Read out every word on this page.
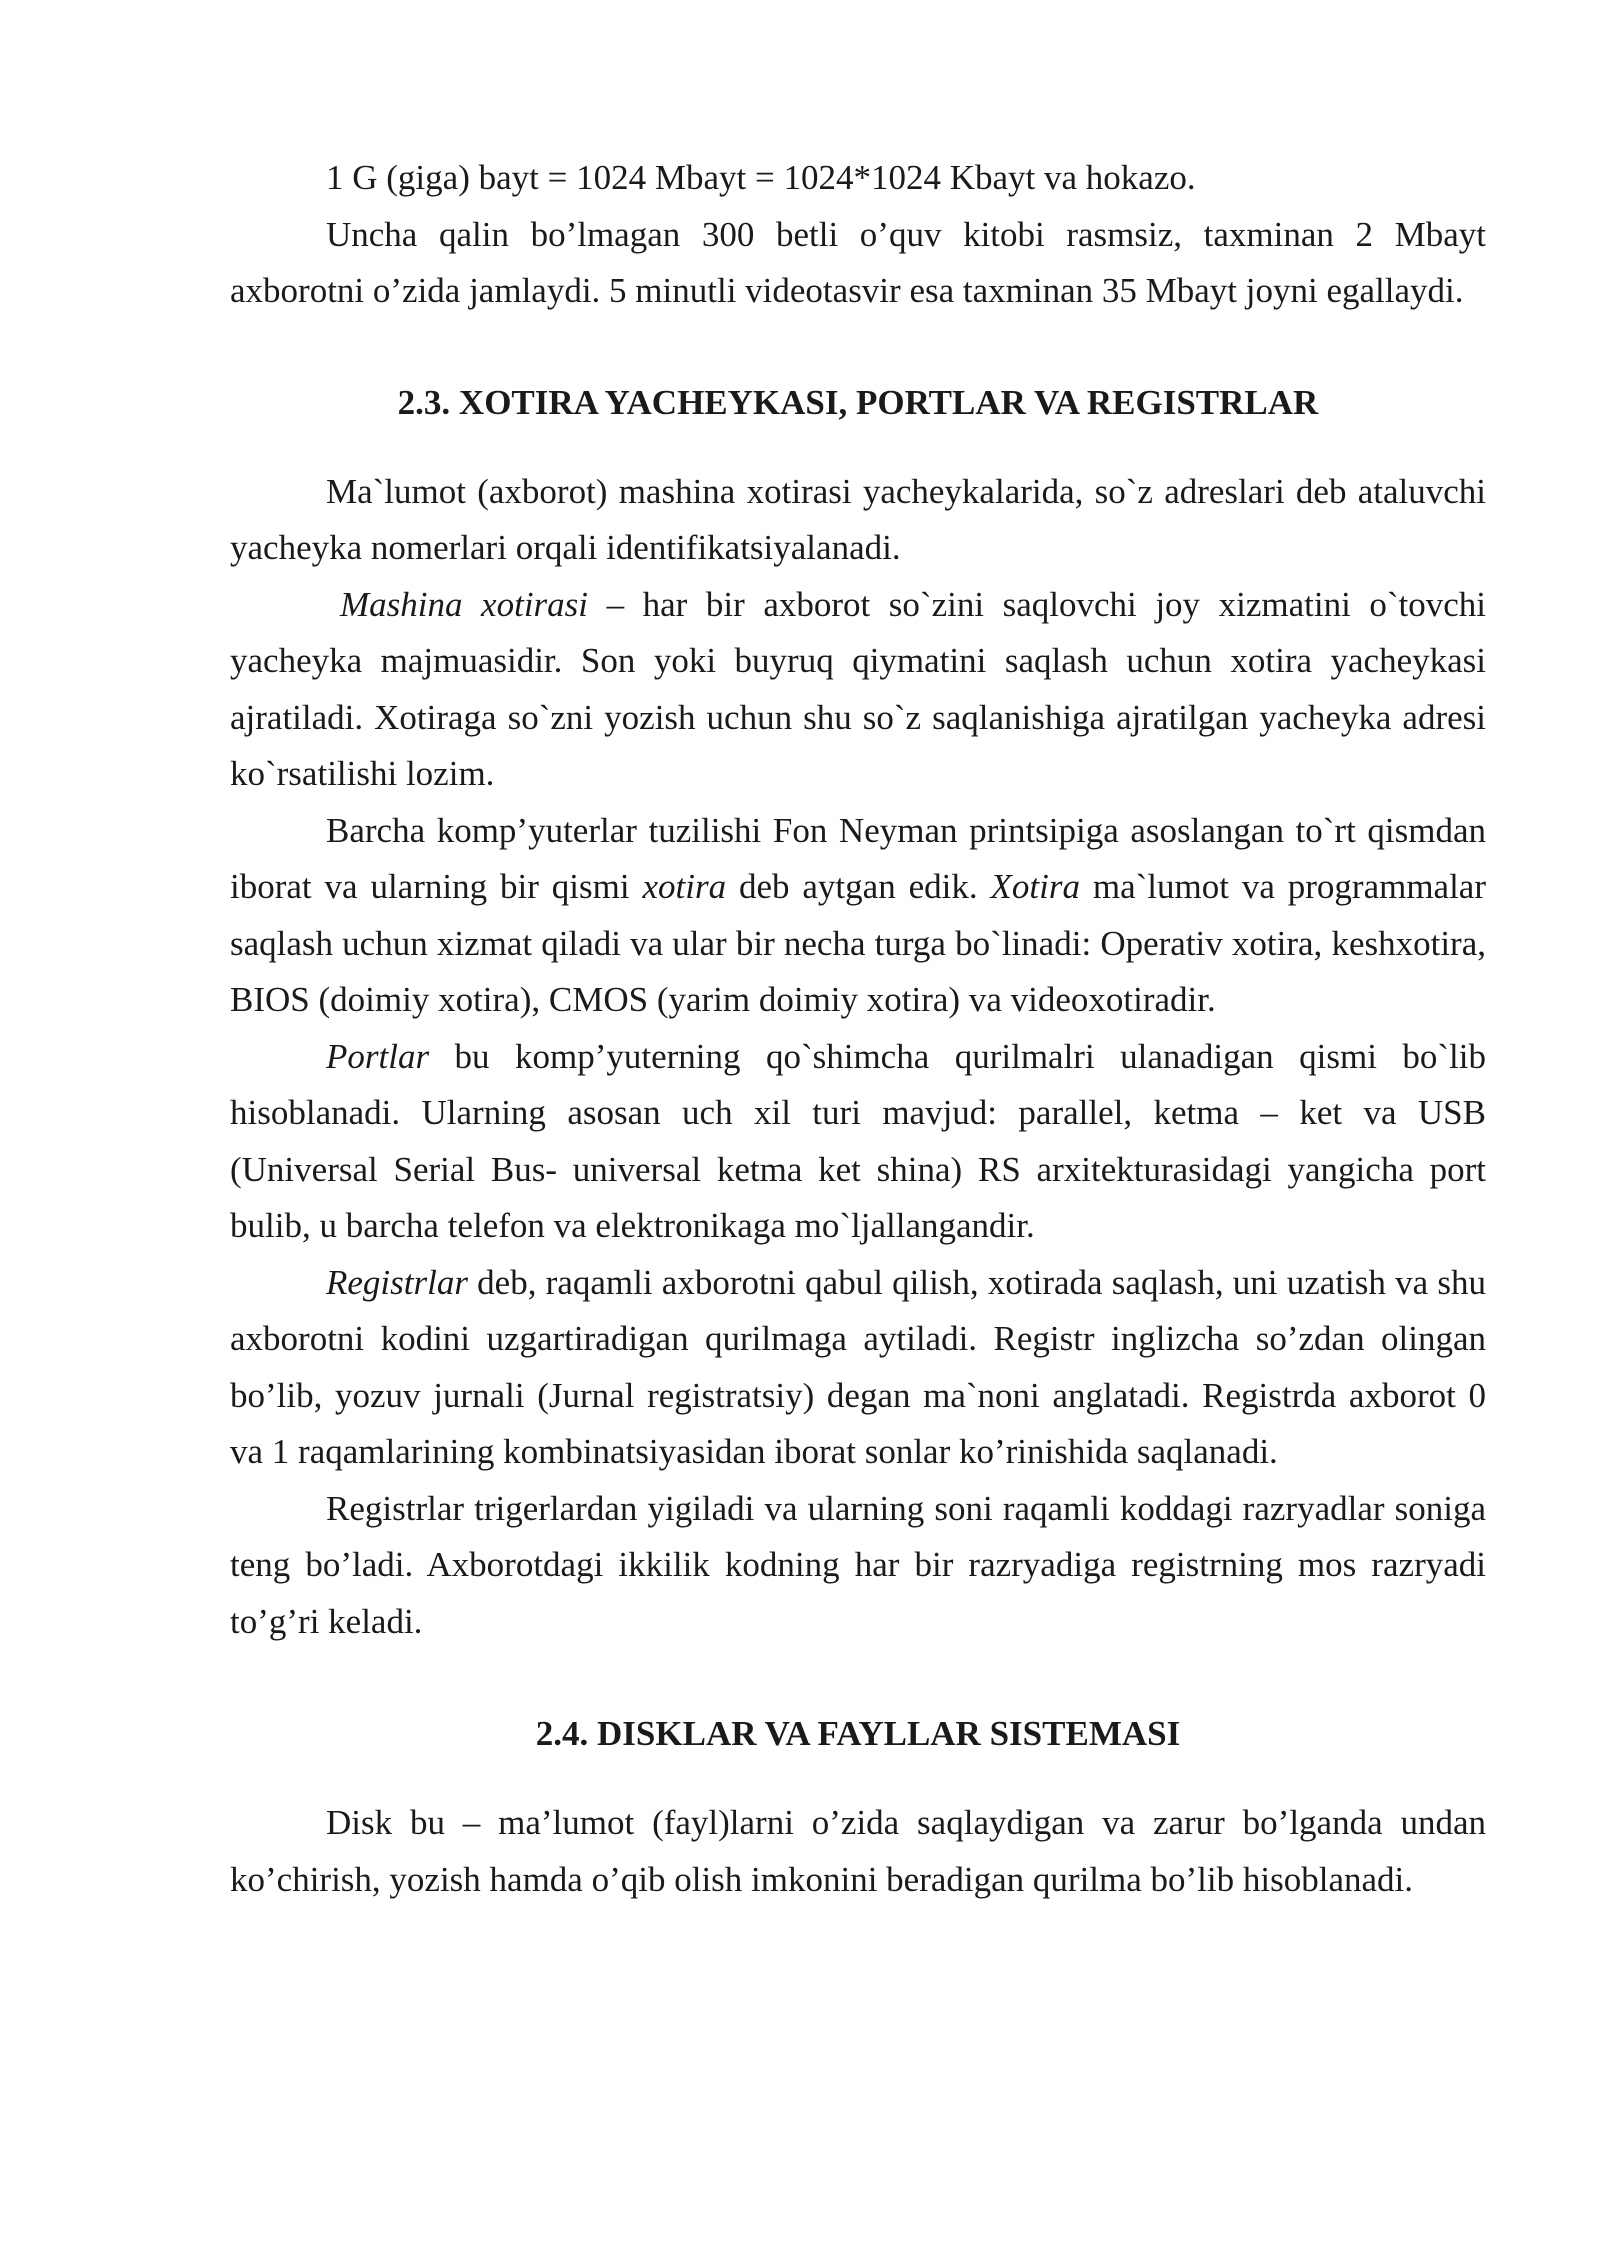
1 G (giga) bayt = 1024 Mbayt = 1024*1024 Kbayt va hokazo.

Uncha qalin bo’lmagan 300 betli o’quv kitobi rasmsiz, taxminan 2 Mbayt axborotni o’zida jamlaydi. 5 minutli videotasvir esa taxminan 35 Mbayt joyni egallaydi.

2.3. XOTIRA YACHEYKASI, PORTLAR VA REGISTRLAR

Ma`lumot (axborot) mashina xotirasi yacheykalarida, so`z adreslari deb ataluvchi yacheyka nomerlari orqali identifikatsiyalanadi.

Mashina xotirasi – har bir axborot so`zini saqlovchi joy xizmatini o`tovchi yacheyka majmuasidir. Son yoki buyruq qiymatini saqlash uchun xotira yacheykasi ajratiladi. Xotiraga so`zni yozish uchun shu so`z saqlanishiga ajratilgan yacheyka adresi ko`rsatilishi lozim.

Barcha komp’yuterlar tuzilishi Fon Neyman printsipiga asoslangan to`rt qismdan iborat va ularning bir qismi xotira deb aytgan edik. Xotira ma`lumot va programmalar saqlash uchun xizmat qiladi va ular bir necha turga bo`linadi: Operativ xotira, keshxotira, BIOS (doimiy xotira), CMOS (yarim doimiy xotira) va videoxotiradir.

Portlar bu komp’yuterning qo`shimcha qurilmalri ulanadigan qismi bo`lib hisoblanadi. Ularning asosan uch xil turi mavjud: parallel, ketma – ket va USB (Universal Serial Bus- universal ketma ket shina) RS arxitekturasidagi yangicha port bulib, u barcha telefon va elektronikaga mo`ljallangandir.

Registrlar deb, raqamli axborotni qabul qilish, xotirada saqlash, uni uzatish va shu axborotni kodini uzgartiradigan qurilmaga aytiladi. Registr inglizcha so’zdan olingan bo’lib, yozuv jurnali (Jurnal registratsiy) degan ma`noni anglatadi. Registrda axborot 0 va 1 raqamlarining kombinatsiyasidan iborat sonlar ko’rinishida saqlanadi.

Registrlar trigerlardan yigiladi va ularning soni raqamli koddagi razryadlar soniga teng bo’ladi. Axborotdagi ikkilik kodning har bir razryadiga registrning mos razryadi to’g’ri keladi.

2.4. DISKLAR VA FAYLLAR SISTEMASI

Disk bu – ma’lumot (fayl)larni o’zida saqlaydigan va zarur bo’lganda undan ko’chirish, yozish hamda o’qib olish imkonini beradigan qurilma bo’lib hisoblanadi.
